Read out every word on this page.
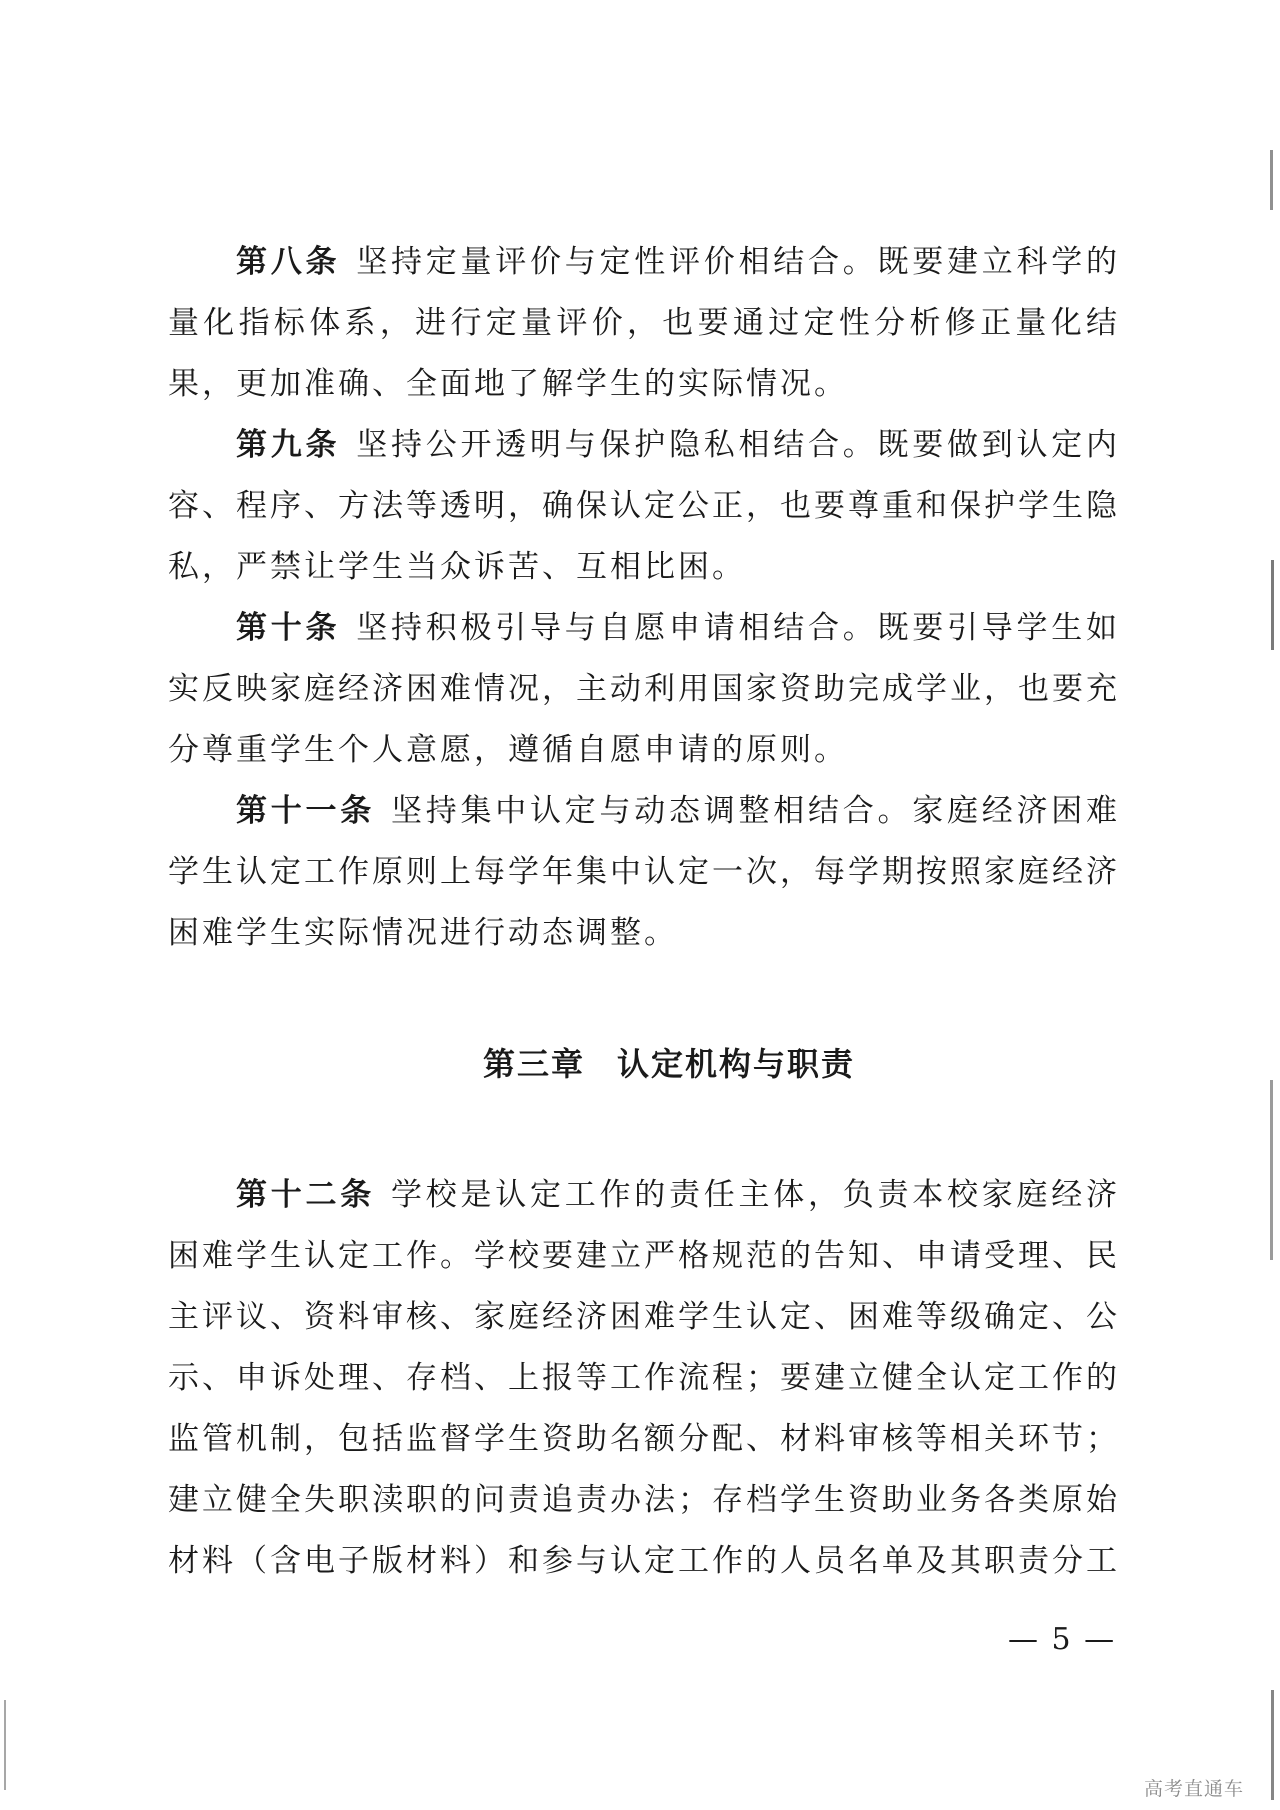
第八条 坚持定量评价与定性评价相结合。既要建立科学的量化指标体系，进行定量评价，也要通过定性分析修正量化结果，更加准确、全面地了解学生的实际情况。

第九条 坚持公开透明与保护隐私相结合。既要做到认定内容、程序、方法等透明，确保认定公正，也要尊重和保护学生隐私，严禁让学生当众诉苦、互相比困。

第十条 坚持积极引导与自愿申请相结合。既要引导学生如实反映家庭经济困难情况，主动利用国家资助完成学业，也要充分尊重学生个人意愿，遵循自愿申请的原则。

第十一条 坚持集中认定与动态调整相结合。家庭经济困难学生认定工作原则上每学年集中认定一次，每学期按照家庭经济困难学生实际情况进行动态调整。

第三章 认定机构与职责

第十二条 学校是认定工作的责任主体，负责本校家庭经济困难学生认定工作。学校要建立严格规范的告知、申请受理、民主评议、资料审核、家庭经济困难学生认定、困难等级确定、公示、申诉处理、存档、上报等工作流程；要建立健全认定工作的监管机制，包括监督学生资助名额分配、材料审核等相关环节；建立健全失职渎职的问责追责办法；存档学生资助业务各类原始材料（含电子版材料）和参与认定工作的人员名单及其职责分工

— 5 —
高考直通车
